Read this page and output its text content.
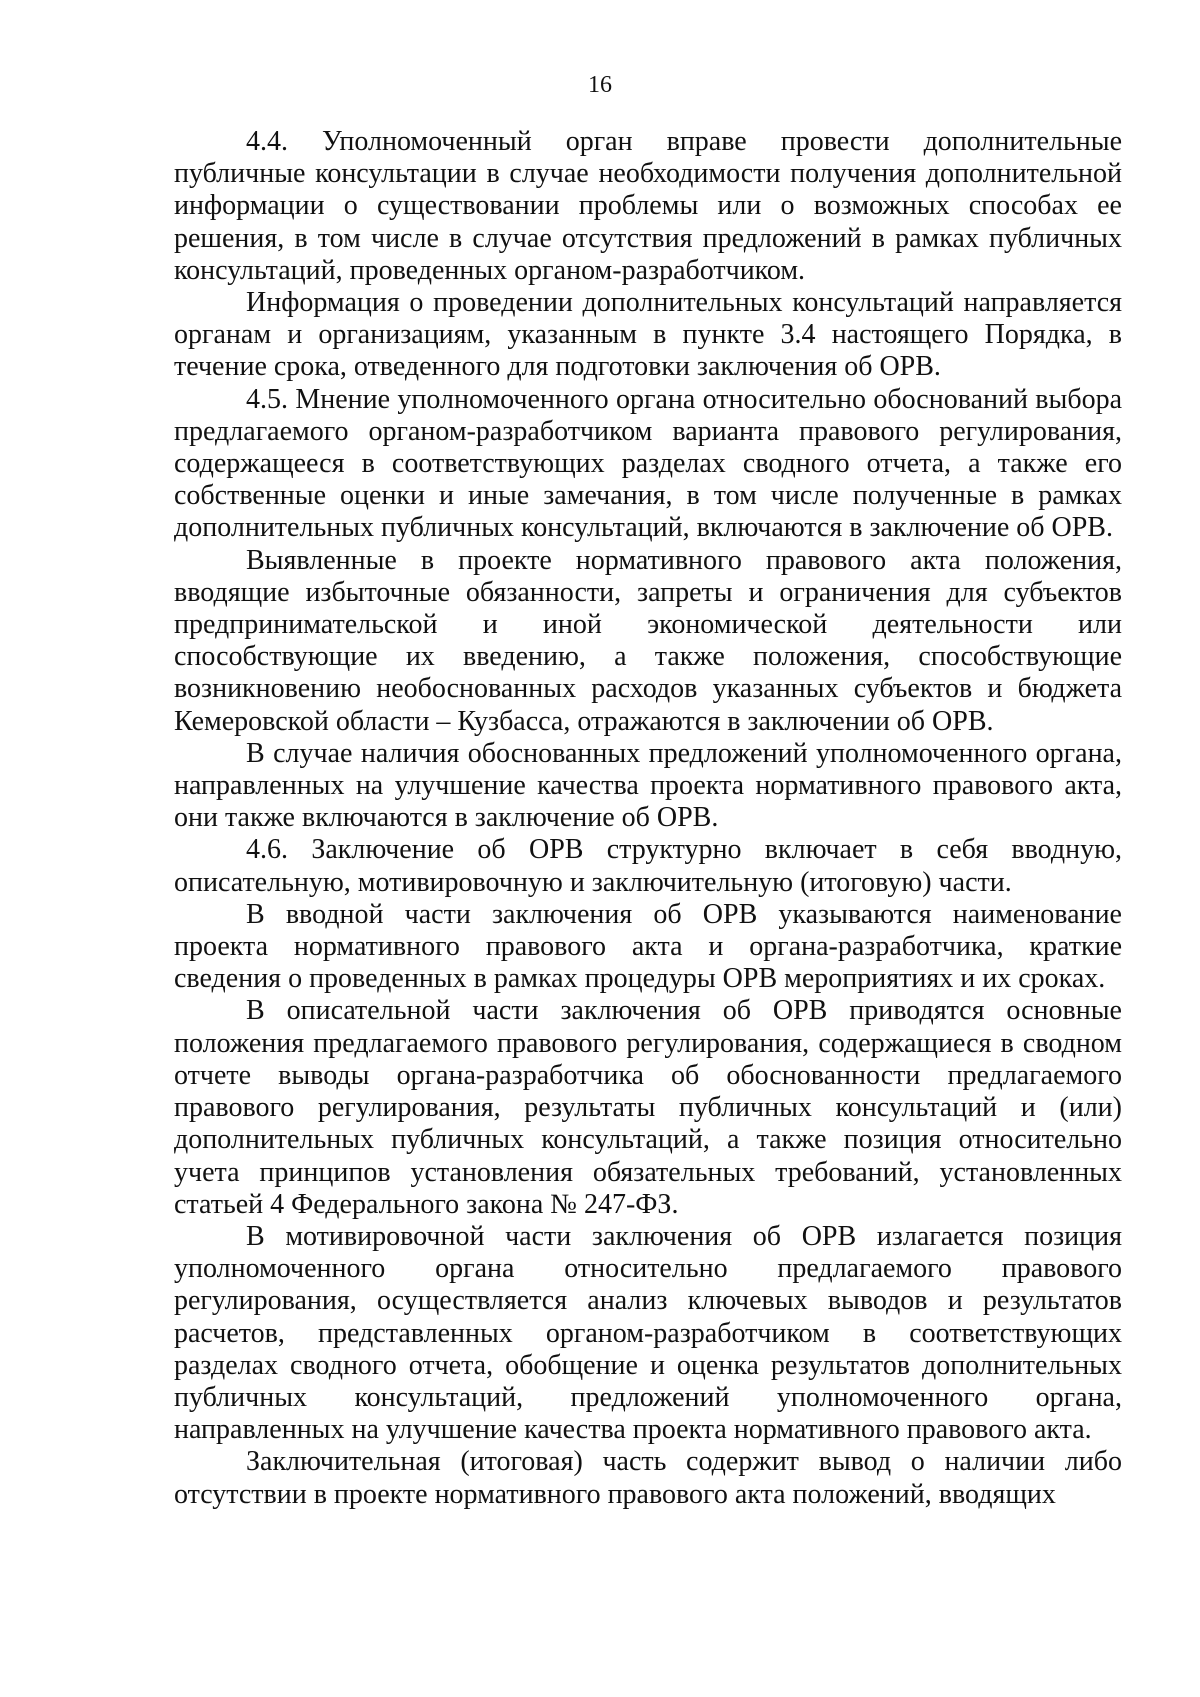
16

4.4. Уполномоченный орган вправе провести дополнительные публичные консультации в случае необходимости получения дополнительной информации о существовании проблемы или о возможных способах ее решения, в том числе в случае отсутствия предложений в рамках публичных консультаций, проведенных органом-разработчиком.

Информация о проведении дополнительных консультаций направляется органам и организациям, указанным в пункте 3.4 настоящего Порядка, в течение срока, отведенного для подготовки заключения об ОРВ.

4.5. Мнение уполномоченного органа относительно обоснований выбора предлагаемого органом-разработчиком варианта правового регулирования, содержащееся в соответствующих разделах сводного отчета, а также его собственные оценки и иные замечания, в том числе полученные в рамках дополнительных публичных консультаций, включаются в заключение об ОРВ.

Выявленные в проекте нормативного правового акта положения, вводящие избыточные обязанности, запреты и ограничения для субъектов предпринимательской и иной экономической деятельности или способствующие их введению, а также положения, способствующие возникновению необоснованных расходов указанных субъектов и бюджета Кемеровской области – Кузбасса, отражаются в заключении об ОРВ.

В случае наличия обоснованных предложений уполномоченного органа, направленных на улучшение качества проекта нормативного правового акта, они также включаются в заключение об ОРВ.

4.6. Заключение об ОРВ структурно включает в себя вводную, описательную, мотивировочную и заключительную (итоговую) части.

В вводной части заключения об ОРВ указываются наименование проекта нормативного правового акта и органа-разработчика, краткие сведения о проведенных в рамках процедуры ОРВ мероприятиях и их сроках.

В описательной части заключения об ОРВ приводятся основные положения предлагаемого правового регулирования, содержащиеся в сводном отчете выводы органа-разработчика об обоснованности предлагаемого правового регулирования, результаты публичных консультаций и (или) дополнительных публичных консультаций, а также позиция относительно учета принципов установления обязательных требований, установленных статьей 4 Федерального закона № 247-ФЗ.

В мотивировочной части заключения об ОРВ излагается позиция уполномоченного органа относительно предлагаемого правового регулирования, осуществляется анализ ключевых выводов и результатов расчетов, представленных органом-разработчиком в соответствующих разделах сводного отчета, обобщение и оценка результатов дополнительных публичных консультаций, предложений уполномоченного органа, направленных на улучшение качества проекта нормативного правового акта.

Заключительная (итоговая) часть содержит вывод о наличии либо отсутствии в проекте нормативного правового акта положений, вводящих
